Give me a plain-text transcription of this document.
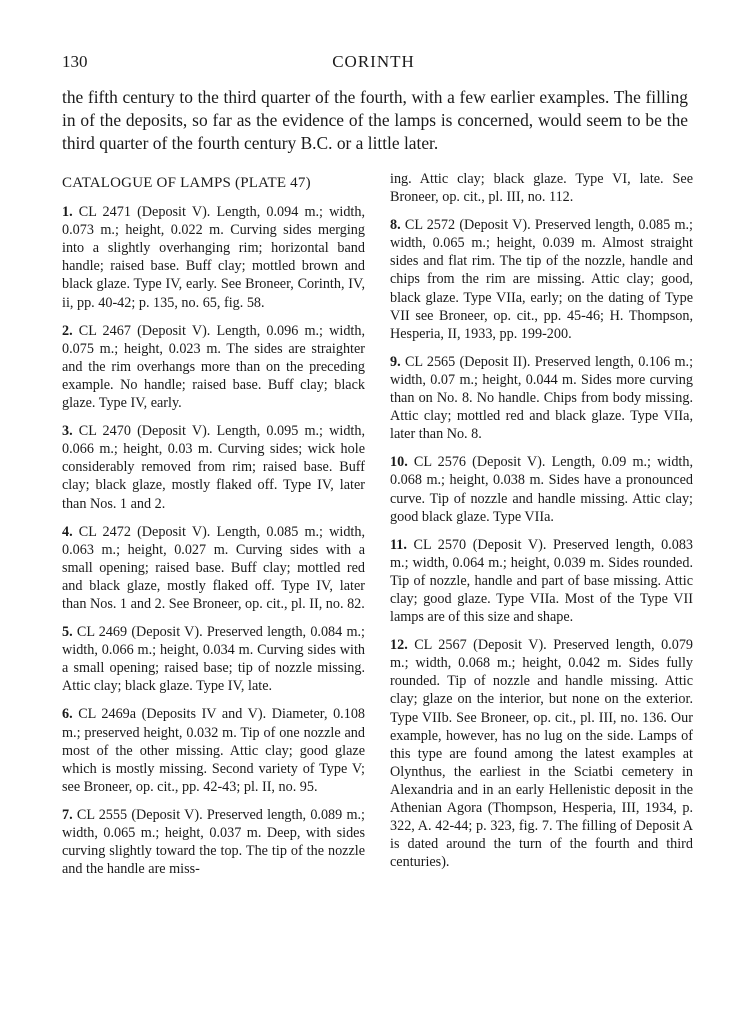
130	CORINTH

the fifth century to the third quarter of the fourth, with a few earlier examples. The filling in of the deposits, so far as the evidence of the lamps is concerned, would seem to be the third quarter of the fourth century B.C. or a little later.

CATALOGUE OF LAMPS (PLATE 47)

1. CL 2471 (Deposit V). Length, 0.094 m.; width, 0.073 m.; height, 0.022 m. Curving sides merging into a slightly overhanging rim; horizontal band handle; raised base. Buff clay; mottled brown and black glaze. Type IV, early. See Broneer, Corinth, IV, ii, pp. 40-42; p. 135, no. 65, fig. 58.

2. CL 2467 (Deposit V). Length, 0.096 m.; width, 0.075 m.; height, 0.023 m. The sides are straighter and the rim overhangs more than on the preceding example. No handle; raised base. Buff clay; black glaze. Type IV, early.

3. CL 2470 (Deposit V). Length, 0.095 m.; width, 0.066 m.; height, 0.03 m. Curving sides; wick hole considerably removed from rim; raised base. Buff clay; black glaze, mostly flaked off. Type IV, later than Nos. 1 and 2.

4. CL 2472 (Deposit V). Length, 0.085 m.; width, 0.063 m.; height, 0.027 m. Curving sides with a small opening; raised base. Buff clay; mottled red and black glaze, mostly flaked off. Type IV, later than Nos. 1 and 2. See Broneer, op. cit., pl. II, no. 82.

5. CL 2469 (Deposit V). Preserved length, 0.084 m.; width, 0.066 m.; height, 0.034 m. Curving sides with a small opening; raised base; tip of nozzle missing. Attic clay; black glaze. Type IV, late.

6. CL 2469a (Deposits IV and V). Diameter, 0.108 m.; preserved height, 0.032 m. Tip of one nozzle and most of the other missing. Attic clay; good glaze which is mostly missing. Second variety of Type V; see Broneer, op. cit., pp. 42-43; pl. II, no. 95.

7. CL 2555 (Deposit V). Preserved length, 0.089 m.; width, 0.065 m.; height, 0.037 m. Deep, with sides curving slightly toward the top. The tip of the nozzle and the handle are miss-

ing. Attic clay; black glaze. Type VI, late. See Broneer, op. cit., pl. III, no. 112.

8. CL 2572 (Deposit V). Preserved length, 0.085 m.; width, 0.065 m.; height, 0.039 m. Almost straight sides and flat rim. The tip of the nozzle, handle and chips from the rim are missing. Attic clay; good, black glaze. Type VIIa, early; on the dating of Type VII see Broneer, op. cit., pp. 45-46; H. Thompson, Hesperia, II, 1933, pp. 199-200.

9. CL 2565 (Deposit II). Preserved length, 0.106 m.; width, 0.07 m.; height, 0.044 m. Sides more curving than on No. 8. No handle. Chips from body missing. Attic clay; mottled red and black glaze. Type VIIa, later than No. 8.

10. CL 2576 (Deposit V). Length, 0.09 m.; width, 0.068 m.; height, 0.038 m. Sides have a pronounced curve. Tip of nozzle and handle missing. Attic clay; good black glaze. Type VIIa.

11. CL 2570 (Deposit V). Preserved length, 0.083 m.; width, 0.064 m.; height, 0.039 m. Sides rounded. Tip of nozzle, handle and part of base missing. Attic clay; good glaze. Type VIIa. Most of the Type VII lamps are of this size and shape.

12. CL 2567 (Deposit V). Preserved length, 0.079 m.; width, 0.068 m.; height, 0.042 m. Sides fully rounded. Tip of nozzle and handle missing. Attic clay; glaze on the interior, but none on the exterior. Type VIIb. See Broneer, op. cit., pl. III, no. 136. Our example, however, has no lug on the side. Lamps of this type are found among the latest examples at Olynthus, the earliest in the Sciatbi cemetery in Alexandria and in an early Hellenistic deposit in the Athenian Agora (Thompson, Hesperia, III, 1934, p. 322, A. 42-44; p. 323, fig. 7. The filling of Deposit A is dated around the turn of the fourth and third centuries).
